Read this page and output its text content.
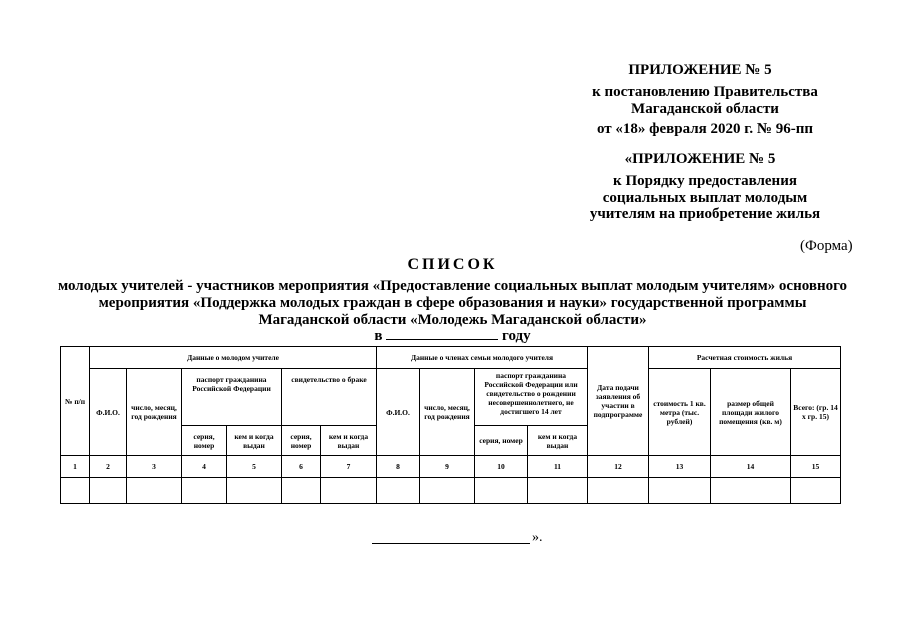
ПРИЛОЖЕНИЕ № 5
к постановлению Правительства
Магаданской области
от «18» февраля 2020 г. № 96-пп
«ПРИЛОЖЕНИЕ № 5
к Порядку предоставления
социальных выплат молодым
учителям на приобретение жилья
(Форма)
СПИСОК
молодых учителей - участников мероприятия «Предоставление социальных выплат молодым учителям» основного
мероприятия «Поддержка молодых граждан в сфере образования и науки» государственной программы
Магаданской области «Молодежь Магаданской области»
в	году
№ п/п	Данные о молодом учителе						Данные о членах семьи молодого учителя				Дата подачи заявления об участии в подпрограмме	Расчетная стоимость жилья		
	Ф.И.О.	число, месяц, год рождения	паспорт гражданина Российской Федерации		свидетельство о браке		Ф.И.О.	число, месяц, год рождения	паспорт гражданина Российской Федерации или свидетельство о рождении несовершеннолетнего, не достигшего 14 лет			стоимость 1 кв. метра (тыс. рублей)	размер общей площади жилого помещения (кв. м)	Всего: (гр. 14 x гр. 15)
			серия, номер	кем и когда выдан	серия, номер	кем и когда выдан			серия, номер	кем и когда выдан				
1	2	3	4	5	6	7	8	9	10	11	12	13	14	15

».
